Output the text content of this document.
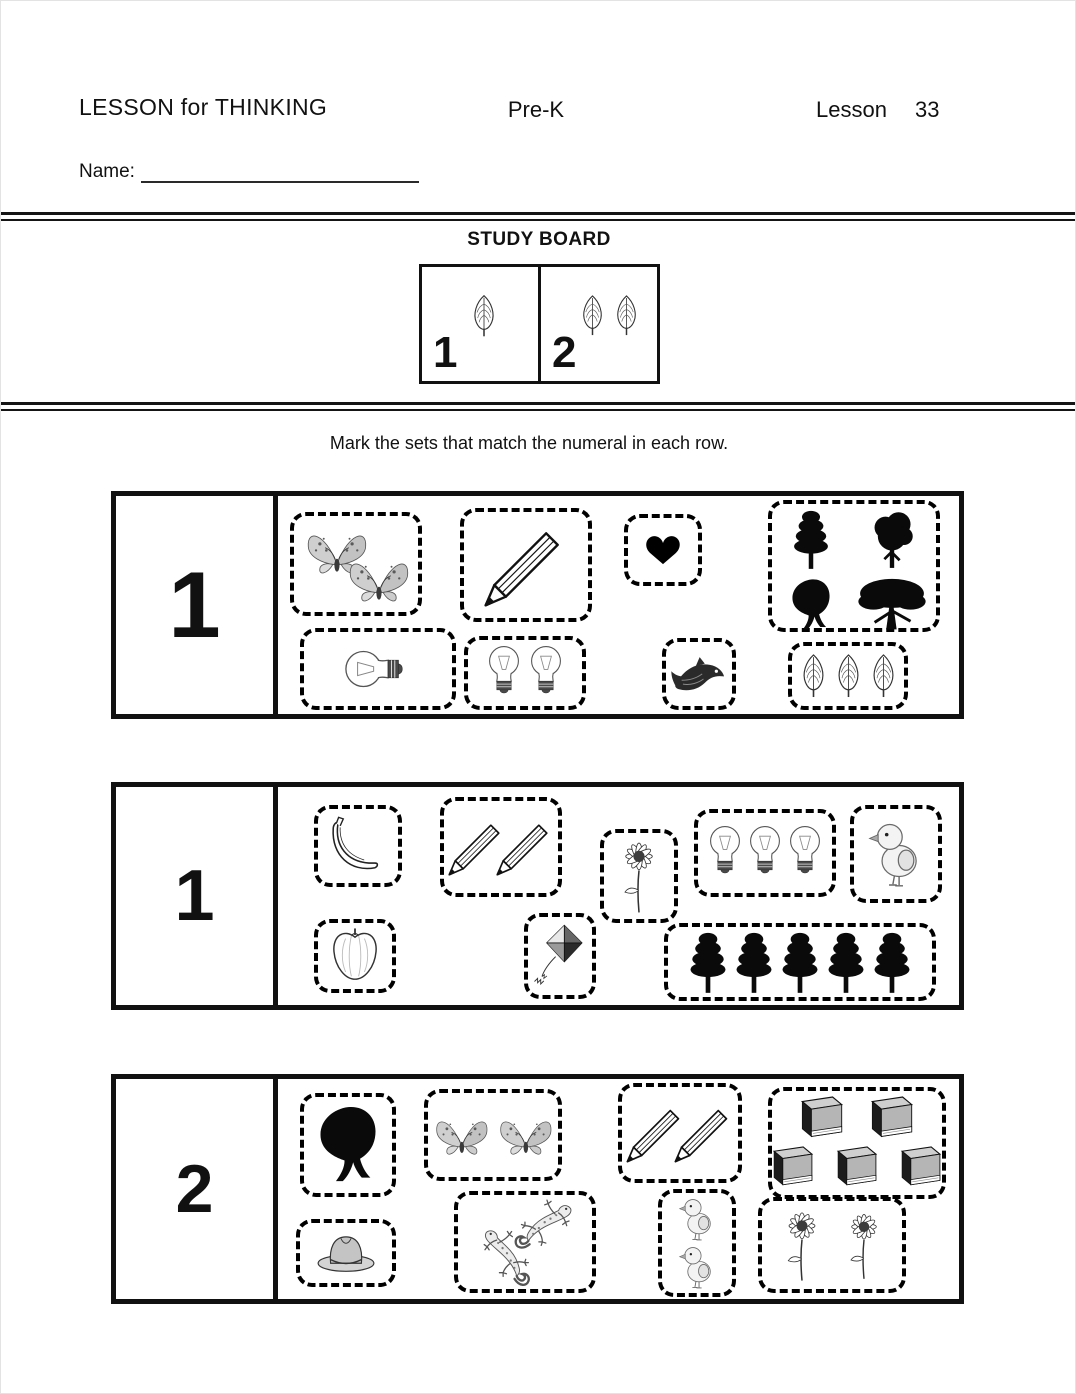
LESSON for THINKING	Pre-K	Lesson 33
Name:
STUDY BOARD
1 2
Mark the sets that match the numeral in each row.
1
1
2
